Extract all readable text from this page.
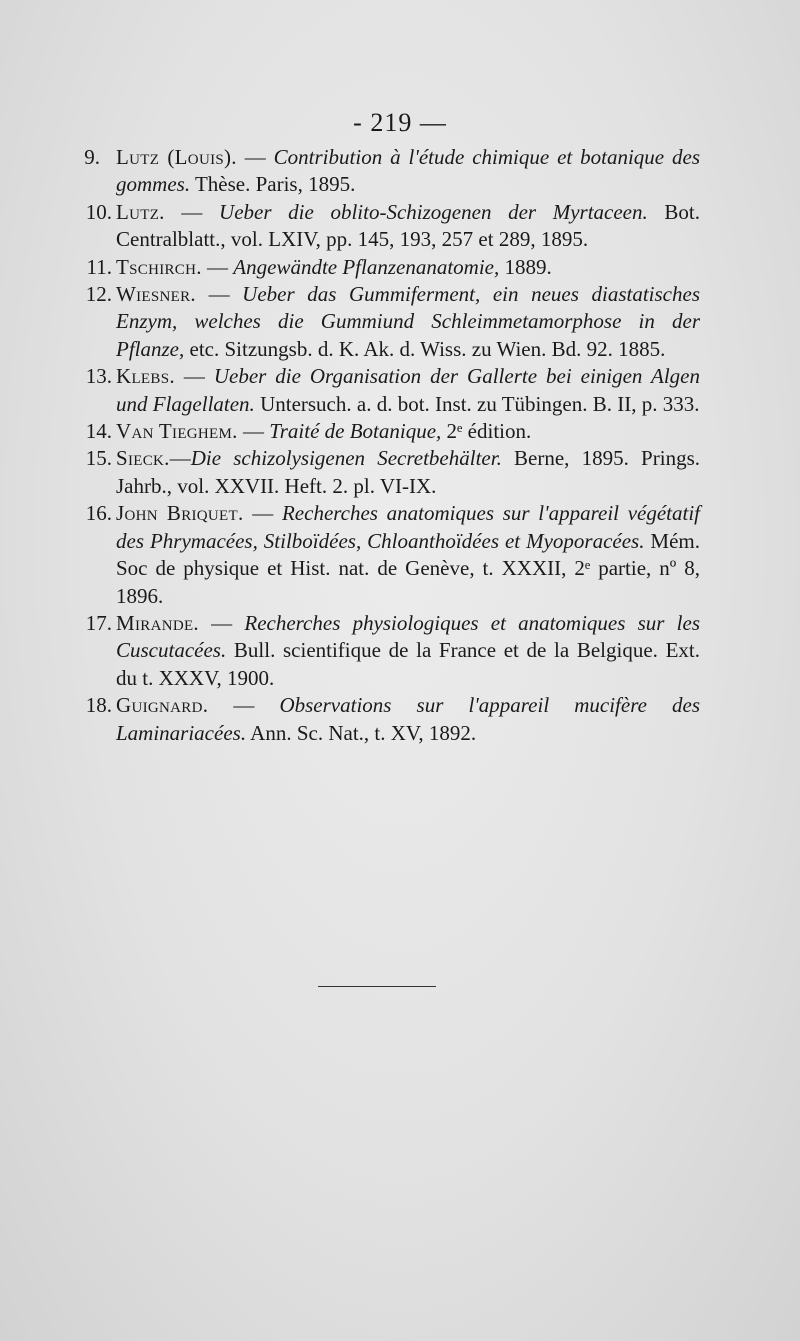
- 219 —
9. Lutz (Louis). — Contribution à l'étude chimique et botanique des gommes. Thèse. Paris, 1895.
10. Lutz. — Ueber die oblito-Schizogenen der Myrtaceen. Bot. Centralblatt., vol. LXIV, pp. 145, 193, 257 et 289, 1895.
11. Tschirch. — Angewändte Pflanzenanatomie, 1889.
12. Wiesner. — Ueber das Gummiferment, ein neues diastatisches Enzym, welches die Gummiund Schleimmetamorphose in der Pflanze, etc. Sitzungsb. d. K. Ak. d. Wiss. zu Wien. Bd. 92. 1885.
13. Klebs. — Ueber die Organisation der Gallerte bei einigen Algen und Flagellaten. Untersuch. a. d. bot. Inst. zu Tübingen. B. II, p. 333.
14. Van Tieghem. — Traité de Botanique, 2ᵉ édition.
15. Sieck.—Die schizolysigenen Secretbehälter. Berne, 1895. Prings. Jahrb., vol. XXVII. Heft. 2. pl. VI-IX.
16. John Briquet. — Recherches anatomiques sur l'appareil végétatif des Phrymacées, Stilboïdées, Chloanthoïdées et Myoporacées. Mém. Soc de physique et Hist. nat. de Genève, t. XXXII, 2ᵉ partie, nº 8, 1896.
17. Mirande. — Recherches physiologiques et anatomiques sur les Cuscutacées. Bull. scientifique de la France et de la Belgique. Ext. du t. XXXV, 1900.
18. Guignard. — Observations sur l'appareil mucifère des Laminariacées. Ann. Sc. Nat., t. XV, 1892.
